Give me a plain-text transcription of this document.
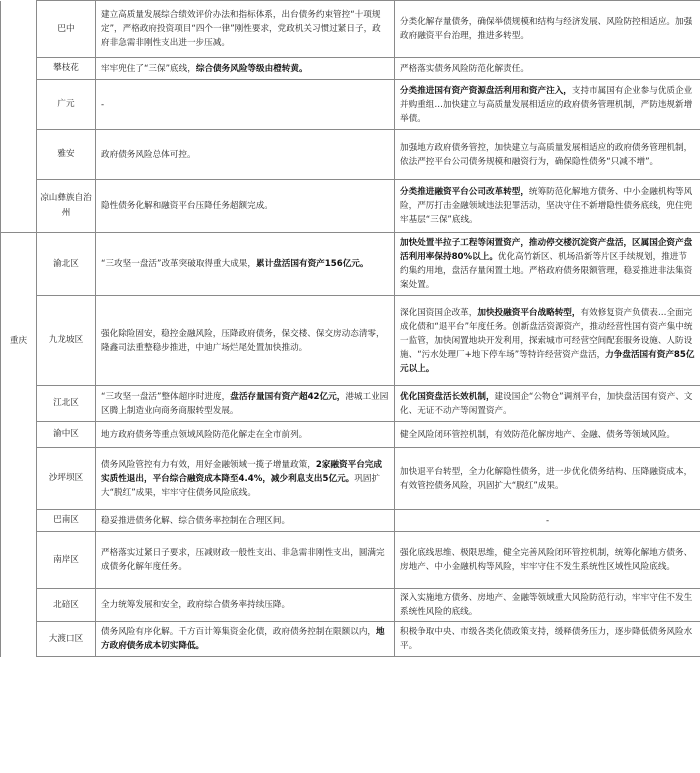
	巴中	建立高质量发展综合绩效评价办法和指标体系，出台债务约束管控“十项规定”，严格政府投资项目“四个一律”刚性要求，党政机关习惯过紧日子，政府非急需非刚性支出进一步压减。	分类化解存量债务，确保举债规模和结构与经济发展、风险防控相适应。加强政府融资平台治理，推进多转型。
	攀枝花	牢牢兜住了“三保”底线，综合债务风险等级由橙转黄。	严格落实债务风险防范化解责任。
	广元	-	分类推进国有资产资源盘活利用和资产注入，支持市属国有企业参与优质企业并购重组…加快建立与高质量发展相适应的政府债务管理机制，严防违规新增举债。
	雅安	政府债务风险总体可控。	加强地方政府债务管控，加快建立与高质量发展相适应的政府债务管理机制，依法严控平台公司债务规模和融资行为，确保隐性债务“只减不增”。
	凉山彝族自治州	隐性债务化解和融资平台压降任务超额完成。	分类推进融资平台公司改革转型，统筹防范化解地方债务、中小金融机构等风险，严厉打击金融领域违法犯罪活动，坚决守住不新增隐性债务底线，兜住兜牢基层“三保”底线。
	渝北区	“三攻坚一盘活”改革突破取得重大成果，累计盘活国有资产156亿元。	加快处置半拉子工程等闲置资产，推动停交楼沉淀资产盘活，区属国企资产盘活利用率保持80%以上。优化高竹新区、机场沿新等片区手续规划，推进节约集约用地，盘活存量闲置土地。严格政府债务限额管理，稳妥推进非法集资案处置。
重庆	九龙坡区	强化除险固安，稳控金融风险，压降政府债务，保交楼、保交房动态清零，隆鑫司法重整稳步推进，中迪广场烂尾处置加快推动。	深化国资国企改革，加快投融资平台战略转型，有效修复资产负债表…全面完成化债和“退平台”年度任务。创新盘活资源资产，推动经营性国有资产集中统一监管，加快闲置地块开发利用，探索城市可经营空间配套服务设施、人防设施、“污水处理厂+地下停车场”等特许经营资产盘活，力争盘活国有资产85亿元以上。
	江北区	“三攻坚一盘活”整体超序时进度，盘活存量国有资产超42亿元，港城工业园区腾上制造业向商务商服转型发展。	优化国资盘活长效机制，建设国企“公物仓”调剂平台，加快盘活国有资产、文化、无证不动产等闲置资产。
	渝中区	地方政府债务等重点领域风险防范化解走在全市前列。	健全风险闭环管控机制，有效防范化解房地产、金融、债务等领域风险。
	沙坪坝区	债务风险管控有力有效，用好金融领域一揽子增量政策，2家融资平台完成实质性退出，平台综合融资成本降至4.4%，减少利息支出5亿元。巩固扩大“脱红”成果，牢牢守住债务风险底线。	加快退平台转型，全力化解隐性债务，进一步优化债务结构、压降融资成本，有效管控债务风险，巩固扩大“脱红”成果。
	巴南区	稳妥推进债务化解、综合债务率控制在合理区间。	-
	南岸区	严格落实过紧日子要求，压减财政一般性支出、非急需非刚性支出，圆满完成债务化解年度任务。	强化底线思维、极限思维，健全完善风险闭环管控机制，统筹化解地方债务、房地产、中小金融机构等风险，牢牢守住不发生系统性区域性风险底线。
	北碚区	全力统筹发展和安全，政府综合债务率持续压降。	深入实施地方债务、房地产、金融等领域重大风险防范行动，牢牢守住不发生系统性风险的底线。
	大渡口区	债务风险有序化解。千方百计筹集资金化债，政府债务控制在限额以内，地方政府债务成本切实降低。	积极争取中央、市级各类化债政策支持，缓释债务压力，逐步降低债务风险水平。
